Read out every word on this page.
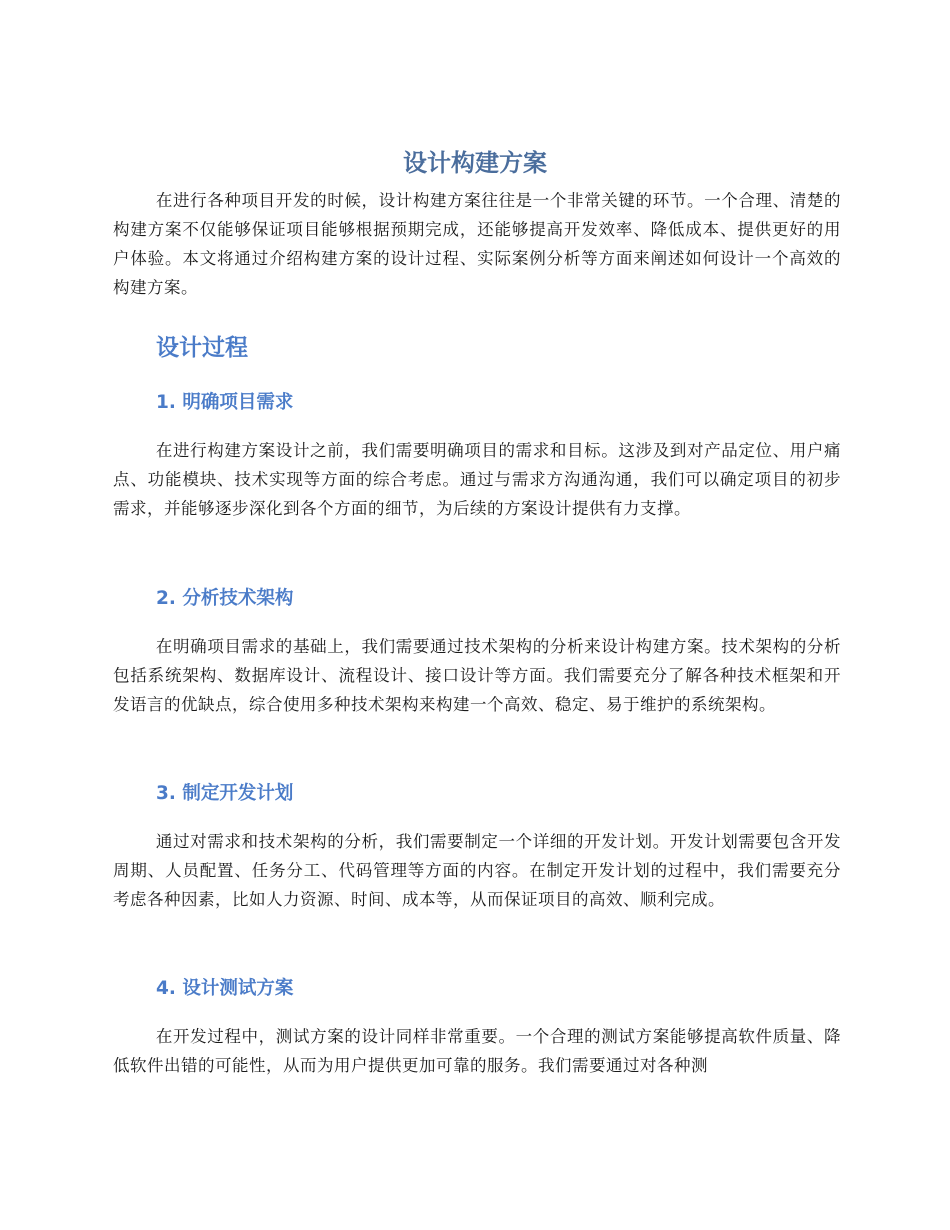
设计构建方案

在进行各种项目开发的时候，设计构建方案往往是一个非常关键的环节。一个合理、清楚的构建方案不仅能够保证项目能够根据预期完成，还能够提高开发效率、降低成本、提供更好的用户体验。本文将通过介绍构建方案的设计过程、实际案例分析等方面来阐述如何设计一个高效的构建方案。

设计过程
1. 明确项目需求

在进行构建方案设计之前，我们需要明确项目的需求和目标。这涉及到对产品定位、用户痛点、功能模块、技术实现等方面的综合考虑。通过与需求方沟通沟通，我们可以确定项目的初步需求，并能够逐步深化到各个方面的细节，为后续的方案设计提供有力支撑。

2. 分析技术架构

在明确项目需求的基础上，我们需要通过技术架构的分析来设计构建方案。技术架构的分析包括系统架构、数据库设计、流程设计、接口设计等方面。我们需要充分了解各种技术框架和开发语言的优缺点，综合使用多种技术架构来构建一个高效、稳定、易于维护的系统架构。

3. 制定开发计划

通过对需求和技术架构的分析，我们需要制定一个详细的开发计划。开发计划需要包含开发周期、人员配置、任务分工、代码管理等方面的内容。在制定开发计划的过程中，我们需要充分考虑各种因素，比如人力资源、时间、成本等，从而保证项目的高效、顺利完成。

4. 设计测试方案

在开发过程中，测试方案的设计同样非常重要。一个合理的测试方案能够提高软件质量、降低软件出错的可能性，从而为用户提供更加可靠的服务。我们需要通过对各种测
